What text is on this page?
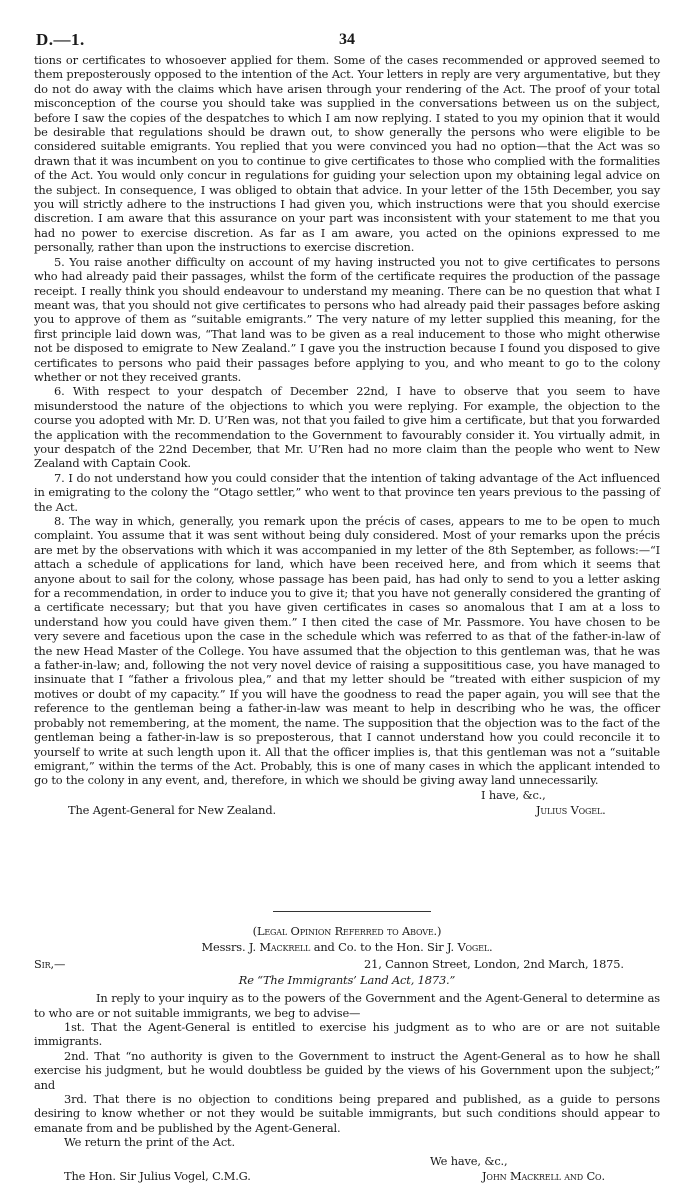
D.—1.	34

tions or certificates to whosoever applied for them. Some of the cases recommended or approved seemed to them preposterously opposed to the intention of the Act. Your letters in reply are very argumentative, but they do not do away with the claims which have arisen through your rendering of the Act. The proof of your total misconception of the course you should take was supplied in the conversations between us on the subject, before I saw the copies of the despatches to which I am now replying. I stated to you my opinion that it would be desirable that regulations should be drawn out, to show generally the persons who were eligible to be considered suitable emigrants. You replied that you were convinced you had no option—that the Act was so drawn that it was incumbent on you to continue to give certificates to those who complied with the formalities of the Act. You would only concur in regulations for guiding your selection upon my obtaining legal advice on the subject. In consequence, I was obliged to obtain that advice. In your letter of the 15th December, you say you will strictly adhere to the instructions I had given you, which instructions were that you should exercise discretion. I am aware that this assurance on your part was inconsistent with your statement to me that you had no power to exercise discretion. As far as I am aware, you acted on the opinions expressed to me personally, rather than upon the instructions to exercise discretion.

5. You raise another difficulty on account of my having instructed you not to give certificates to persons who had already paid their passages, whilst the form of the certificate requires the production of the passage receipt. I really think you should endeavour to understand my meaning. There can be no question that what I meant was, that you should not give certificates to persons who had already paid their passages before asking you to approve of them as “suitable emigrants.” The very nature of my letter supplied this meaning, for the first principle laid down was, “That land was to be given as a real inducement to those who might otherwise not be disposed to emigrate to New Zealand.” I gave you the instruction because I found you disposed to give certificates to persons who paid their passages before applying to you, and who meant to go to the colony whether or not they received grants.

6. With respect to your despatch of December 22nd, I have to observe that you seem to have misunderstood the nature of the objections to which you were replying. For example, the objection to the course you adopted with Mr. D. U’Ren was, not that you failed to give him a certificate, but that you forwarded the application with the recommendation to the Government to favourably consider it. You virtually admit, in your despatch of the 22nd December, that Mr. U’Ren had no more claim than the people who went to New Zealand with Captain Cook.

7. I do not understand how you could consider that the intention of taking advantage of the Act influenced in emigrating to the colony the “Otago settler,” who went to that province ten years previous to the passing of the Act.

8. The way in which, generally, you remark upon the précis of cases, appears to me to be open to much complaint. You assume that it was sent without being duly considered. Most of your remarks upon the précis are met by the observations with which it was accompanied in my letter of the 8th September, as follows:—“I attach a schedule of applications for land, which have been received here, and from which it seems that anyone about to sail for the colony, whose passage has been paid, has had only to send to you a letter asking for a recommendation, in order to induce you to give it; that you have not generally considered the granting of a certificate necessary; but that you have given certificates in cases so anomalous that I am at a loss to understand how you could have given them.” I then cited the case of Mr. Passmore. You have chosen to be very severe and facetious upon the case in the schedule which was referred to as that of the father-in-law of the new Head Master of the College. You have assumed that the objection to this gentleman was, that he was a father-in-law; and, following the not very novel device of raising a supposititious case, you have managed to insinuate that I “father a frivolous plea,” and that my letter should be “treated with either suspicion of my motives or doubt of my capacity.” If you will have the goodness to read the paper again, you will see that the reference to the gentleman being a father-in-law was meant to help in describing who he was, the officer probably not remembering, at the moment, the name. The supposition that the objection was to the fact of the gentleman being a father-in-law is so preposterous, that I cannot understand how you could reconcile it to yourself to write at such length upon it. All that the officer implies is, that this gentleman was not a “suitable emigrant,” within the terms of the Act. Probably, this is one of many cases in which the applicant intended to go to the colony in any event, and, therefore, in which we should be giving away land unnecessarily.

I have, &c.,
The Agent-General for New Zealand.	Julius Vogel.
(Legal Opinion Referred to Above.)
Messrs. J. Mackrell and Co. to the Hon. Sir J. Vogel.
Sir,—	21, Cannon Street, London, 2nd March, 1875.
Re “The Immigrants’ Land Act, 1873.”

In reply to your inquiry as to the powers of the Government and the Agent-General to determine as to who are or not suitable immigrants, we beg to advise—

1st. That the Agent-General is entitled to exercise his judgment as to who are or are not suitable immigrants.

2nd. That “no authority is given to the Government to instruct the Agent-General as to how he shall exercise his judgment, but he would doubtless be guided by the views of his Government upon the subject;” and

3rd. That there is no objection to conditions being prepared and published, as a guide to persons desiring to know whether or not they would be suitable immigrants, but such conditions should appear to emanate from and be published by the Agent-General.

We return the print of the Act.

We have, &c.,
The Hon. Sir Julius Vogel, C.M.G.	John Mackrell and Co.
